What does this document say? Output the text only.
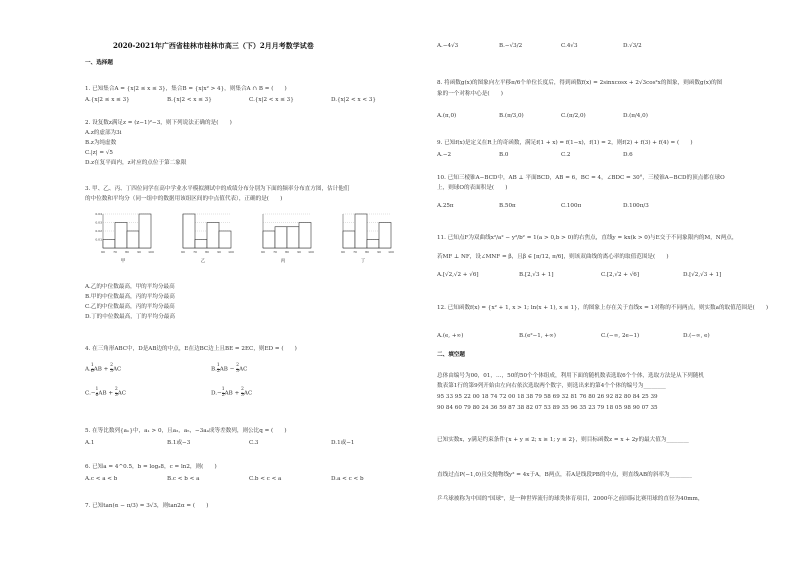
2020-2021年广西省桂林市桂林市高三（下）2月月考数学试卷
一、选择题
1. 已知集合A = {x|2 ≤ x ≤ 3}，集合B = {x|x² > 4}，则集合A ∩ B = (　　)
A.{x|2 ≤ x ≤ 3}	B.{x|2 < x ≤ 3}	C.{x|2 < x ≤ 3}	D.{x|2 < x < 3}
2. 设复数z满足z = (z−1)²−3，则下列说法正确的是(　　)
A.z的虚部为3i
B.z为纯虚数
C.|z| = √5
D.z在复平面内，z对应的点位于第二象限
3. 甲、乙、丙、丁四位同学在高中学业水平模拟测试中的成绩分布分别为下面的频率分布直方图，估计他们
的中位数和平均分（同一组中的数据用该组区间的中点值代表），正确的是(　　)
0.01
0.02
0.03
0.04
60	70	80	90 100
甲
60	70	80	90 100
乙
60	70	80	90 100
丙
60	70	80	90 100
丁
A.乙的中位数最高，甲的平均分最高
B.甲的中位数最高，丙的平均分最高
C.乙的中位数最高，丙的平均分最高
D.丁的中位数最高，丁的平均分最高
4. 在三角形ABC中，D是AB边的中点，E在边BC边上且BE = 2EC，则ED = (　　)
A. $\frac{1}{6}$ AB + $\frac{2}{3}$ AC	B. $\frac{1}{2}$ AB − $\frac{2}{3}$ AC
$C.- \frac{1}{6}$ AB + $\frac{2}{3}$ AC	$D.- \frac{1}{2}$ AB + $\frac{2}{3}$ AC
5. 在等比数列{aₙ}中，a₁ > 0，且a₃，a₅，−3a₄成等差数列，则公比q = (　　)
A.1	B.1或−3	C.3	D.1或−1
6. 已知a = 4^0.5，b = log₃8，c = ln2，则(　　)
A.c < a < b	B.c < b < a	C.b < c < a	D.a < c < b
7. 已知tan(α − π/3) = 3√3，则tan2α = (　　)
A.−4√3	B.−√3/2	C.4√3	D.√3/2
8. 将函数g(x)的图象向左平移π/6个单位长度后，得到函数f(x) = 2sinxcosx + 2√3cos²x的图象，则函数g(x)的图
象的一个对称中心是(　　)
A.(π,0)	B.(π/3,0)	C.(π/2,0)	D.(π/4,0)
9. 已知f(x)是定义在R上的奇函数，满足f(1 + x) = f(1−x)，f(1) = 2，则f(2) + f(3) + f(4) = (　　)
A.−2	B.0	C.2	D.6
10. 已知三棱锥A−BCD中，AB ⊥ 平面BCD，AB = 6，BC = 4，∠BDC = 30°，三棱锥A−BCD的顶点都在球O
上，则球O的表面积是(　　)
A.25π	B.50π	C.100π	D.100π/3
11. 已知点F为双曲线x²/a² − y²/b² = 1(a > 0,b > 0)的右焦点，直线y = kx(k > 0)与E交于不同象限内的M，N两点，
若MF ⊥ NF，设∠MNF = β，且β ∈ [π/12, π/6]，则该双曲线的离心率的取值范围是(　　)
A.[√2,√2 + √6]	B.[2,√3 + 1]	C.[2,√2 + √6]	D.[√2,√3 + 1]
12. 已知函数f(x) = {x² + 1, x > 1; ln(x + 1), x ≤ 1}，的图象上存在关于直线x = 1对称的不同两点，则实数a的取值范围是(　　)
A.(e, +∞)	B.(e²−1, +∞)	C.(−∞, 2e−1)	D.(−∞, e)
二、填空题
总体由编号为00，01，…，50的50个个体组成，利用下面的随机数表选取6个个体，选取方法是从下列随机
数表第1行的第9列开始由左向右依次选取两个数字，则选出来的第4个个体的编号为________
95 33 95 22 00 18 74 72 00 18 38 79 58 69 32 81 76 80 26 92 82 80 84 25 39
90 84 60 79 80 24 36 59 87 38 82 07 53 89 35 96 35 23 79 18 05 98 90 07 35
已知实数x，y满足约束条件{x + y ≤ 2; x ≥ 1; y ≤ 2}，则目标函数z = x + 2y的最大值为________
直线过点P(−1,0)且交抛物线y² = 4x于A，B两点，若A是线段PB的中点，则直线AB的斜率为________
乒乓球被称为中国的"国球"，是一种世界流行的球类体育项目，2000年之前国际比赛用球的直径为40mm，
